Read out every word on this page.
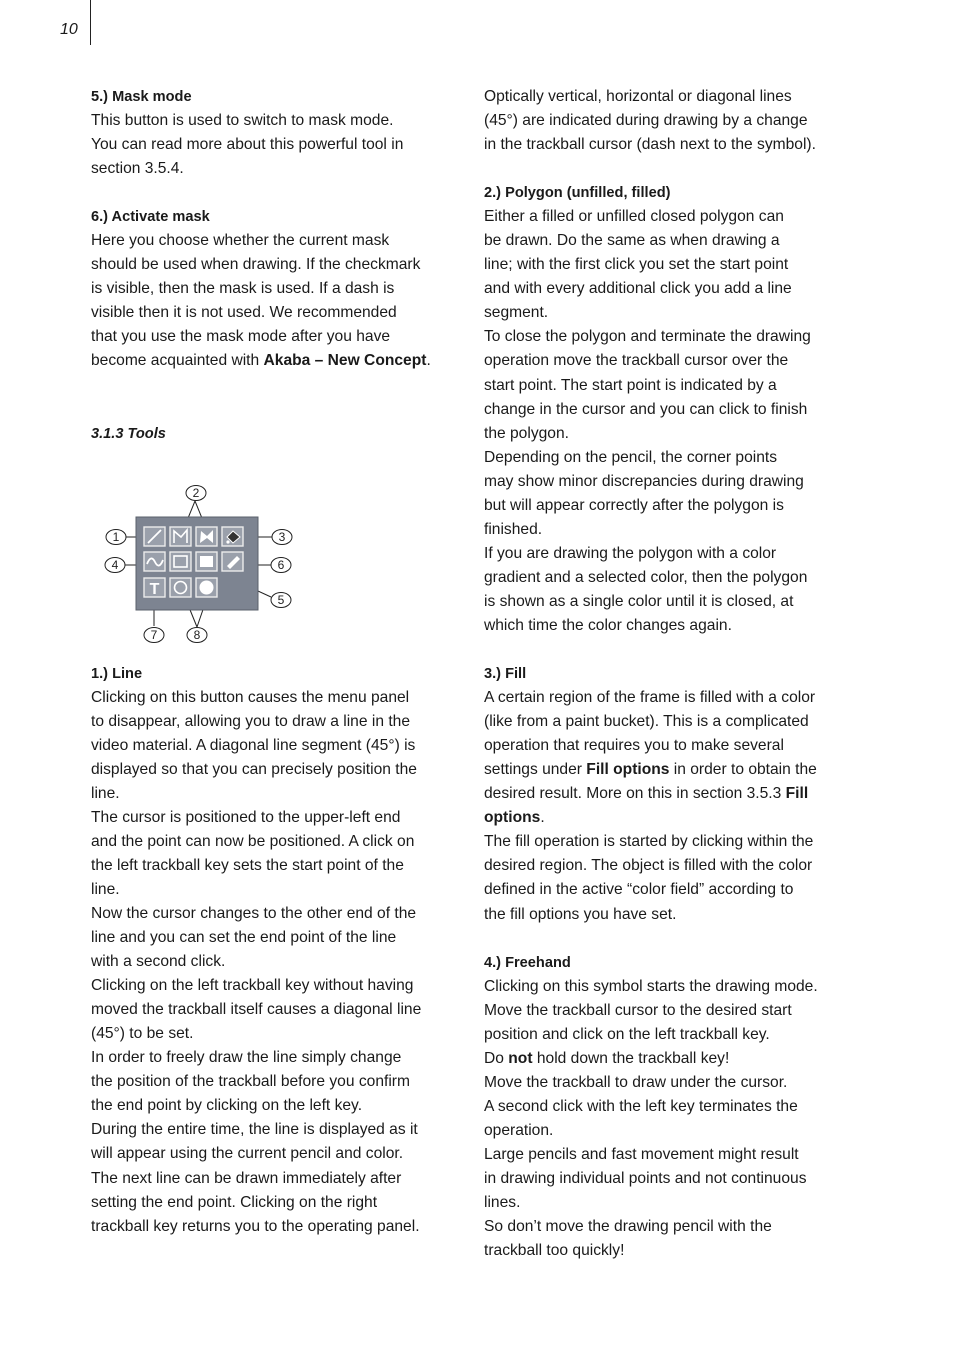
10
5.) Mask mode

This button is used to switch to mask mode.
You can read more about this powerful tool in
section 3.5.4.

6.) Activate mask

Here you choose whether the current mask
should be used when drawing. If the checkmark
is visible, then the mask is used. If a dash is
visible then it is not used. We recommended
that you use the mask mode after you have
become acquainted with Akaba – New Concept.

3.1.3 Tools

1.) Line

Clicking on this button causes the menu panel
to disappear, allowing you to draw a line in the
video material. A diagonal line segment (45°) is
displayed so that you can precisely position the
line.
The cursor is positioned to the upper-left end
and the point can now be positioned. A click on
the left trackball key sets the start point of the
line.
Now the cursor changes to the other end of the
line and you can set the end point of the line
with a second click.
Clicking on the left trackball key without having
moved the trackball itself causes a diagonal line
(45°) to be set.
In order to freely draw the line simply change
the position of the trackball before you confirm
the end point by clicking on the left key.
During the entire time, the line is displayed as it
will appear using the current pencil and color.
The next line can be drawn immediately after
setting the end point. Clicking on the right
trackball key returns you to the operating panel.

T
1
2
3
4
5
6
7	8

Optically vertical, horizontal or diagonal lines
(45°) are indicated during drawing by a change
in the trackball cursor (dash next to the symbol).

2.) Polygon (unfilled, filled)

Either a filled or unfilled closed polygon can
be drawn. Do the same as when drawing a
line; with the first click you set the start point
and with every additional click you add a line
segment.
To close the polygon and terminate the drawing
operation move the trackball cursor over the
start point. The start point is indicated by a
change in the cursor and you can click to finish
the polygon.
Depending on the pencil, the corner points
may show minor discrepancies during drawing
but will appear correctly after the polygon is
finished.
If you are drawing the polygon with a color
gradient and a selected color, then the polygon
is shown as a single color until it is closed, at
which time the color changes again.

3.) Fill

A certain region of the frame is filled with a color
(like from a paint bucket). This is a complicated
operation that requires you to make several
settings under Fill options in order to obtain the
desired result. More on this in section 3.5.3 Fill
options.

The fill operation is started by clicking within the
desired region. The object is filled with the color
defined in the active “color field” according to
the fill options you have set.

4.) Freehand

Clicking on this symbol starts the drawing mode.
Move the trackball cursor to the desired start
position and click on the left trackball key.
Do not hold down the trackball key!
Move the trackball to draw under the cursor.
A second click with the left key terminates the
operation.
Large pencils and fast movement might result
in drawing individual points and not continuous
lines.
So don’t move the drawing pencil with the
trackball too quickly!
